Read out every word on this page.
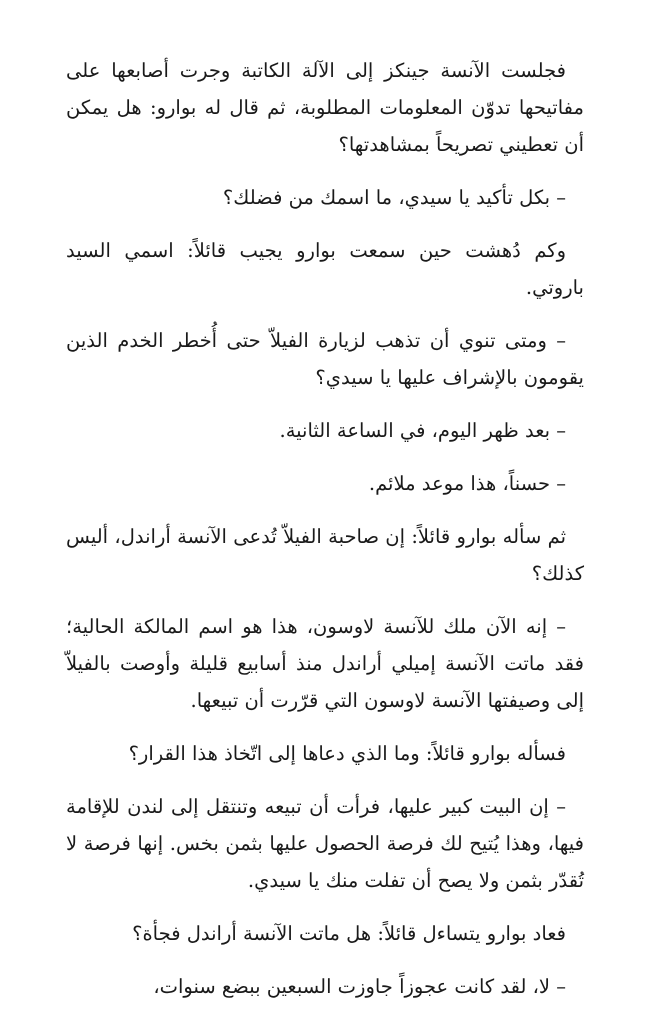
فجلست الآنسة جينكز إلى الآلة الكاتبة وجرت أصابعها على مفاتيحها تدوّن المعلومات المطلوبة، ثم قال له بوارو: هل يمكن أن تعطيني تصريحاً بمشاهدتها؟

– بكل تأكيد يا سيدي، ما اسمك من فضلك؟

وكم دُهشت حين سمعت بوارو يجيب قائلاً: اسمي السيد باروتي.

– ومتى تنوي أن تذهب لزيارة الفيلاّ حتى أُخطر الخدم الذين يقومون بالإشراف عليها يا سيدي؟

– بعد ظهر اليوم، في الساعة الثانية.

– حسناً، هذا موعد ملائم.

ثم سأله بوارو قائلاً: إن صاحبة الفيلاّ تُدعى الآنسة أراندل، أليس كذلك؟

– إنه الآن ملك للآنسة لاوسون، هذا هو اسم المالكة الحالية؛ فقد ماتت الآنسة إميلي أراندل منذ أسابيع قليلة وأوصت بالفيلاّ إلى وصيفتها الآنسة لاوسون التي قرّرت أن تبيعها.

فسأله بوارو قائلاً: وما الذي دعاها إلى اتّخاذ هذا القرار؟

– إن البيت كبير عليها، فرأت أن تبيعه وتنتقل إلى لندن للإقامة فيها، وهذا يُتيح لك فرصة الحصول عليها بثمن بخس. إنها فرصة لا تُقدّر بثمن ولا يصح أن تفلت منك يا سيدي.

فعاد بوارو يتساءل قائلاً: هل ماتت الآنسة أراندل فجأة؟

– لا، لقد كانت عجوزاً جاوزت السبعين ببضع سنوات،
